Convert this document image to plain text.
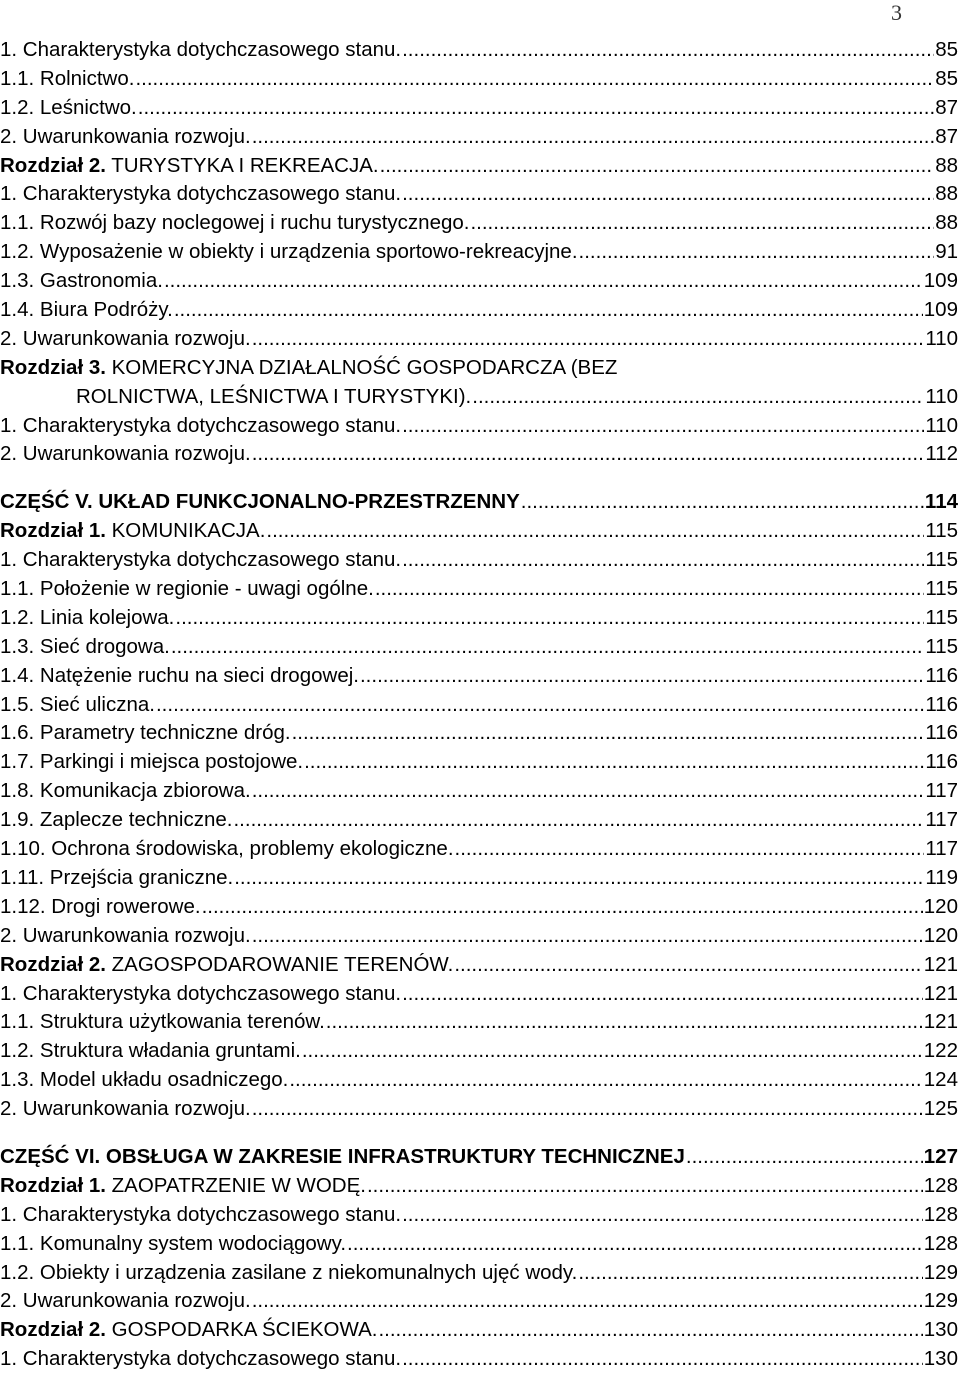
3
1. Charakterystyka dotychczasowego stanu. .....	85
1.1. Rolnictwo. .....	85
1.2. Leśnictwo. .....	87
2. Uwarunkowania rozwoju. .....	87
Rozdział 2. TURYSTYKA I REKREACJA. .....	88
1. Charakterystyka dotychczasowego stanu. .....	88
1.1. Rozwój bazy noclegowej i ruchu turystycznego. .....	88
1.2. Wyposażenie w obiekty i urządzenia sportowo-rekreacyjne. .....	91
1.3. Gastronomia. .....	109
1.4. Biura Podróży. .....	109
2. Uwarunkowania rozwoju. .....	110
Rozdział 3. KOMERCYJNA DZIAŁALNOŚĆ GOSPODARCZA (BEZ
ROLNICTWA, LEŚNICTWA I TURYSTYKI). .....	110
1. Charakterystyka dotychczasowego stanu. .....	110
2. Uwarunkowania rozwoju. .....	112
CZĘŚĆ V. UKŁAD FUNKCJONALNO-PRZESTRZENNY .....	114
Rozdział 1. KOMUNIKACJA. .....	115
1. Charakterystyka dotychczasowego stanu. .....	115
1.1. Położenie w regionie - uwagi ogólne. .....	115
1.2. Linia kolejowa. .....	115
1.3. Sieć drogowa. .....	115
1.4. Natężenie ruchu na sieci drogowej. .....	116
1.5. Sieć uliczna. .....	116
1.6. Parametry techniczne dróg. .....	116
1.7. Parkingi i miejsca postojowe. .....	116
1.8. Komunikacja zbiorowa. .....	117
1.9. Zaplecze techniczne. .....	117
1.10. Ochrona środowiska, problemy ekologiczne. .....	117
1.11. Przejścia graniczne. .....	119
1.12. Drogi rowerowe. .....	120
2. Uwarunkowania rozwoju. .....	120
Rozdział 2. ZAGOSPODAROWANIE TERENÓW. .....	121
1. Charakterystyka dotychczasowego stanu. .....	121
1.1. Struktura użytkowania terenów. .....	121
1.2. Struktura władania gruntami. .....	122
1.3. Model układu osadniczego. .....	124
2. Uwarunkowania rozwoju. .....	125
CZĘŚĆ VI. OBSŁUGA W ZAKRESIE INFRASTRUKTURY TECHNICZNEJ .....	127
Rozdział 1. ZAOPATRZENIE W WODĘ. .....	128
1. Charakterystyka dotychczasowego stanu. .....	128
1.1. Komunalny system wodociągowy. .....	128
1.2. Obiekty i urządzenia zasilane z niekomunalnych ujęć wody. .....	129
2. Uwarunkowania rozwoju. .....	129
Rozdział 2. GOSPODARKA ŚCIEKOWA. .....	130
1. Charakterystyka dotychczasowego stanu. .....	130
